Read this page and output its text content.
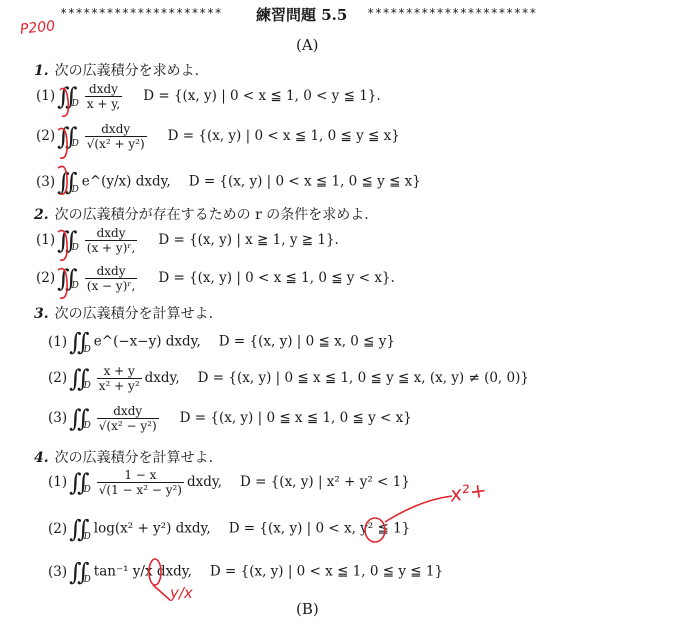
********************* 練習問題 5.5 **********************
(A)
P200
1. 次の広義積分を求めよ.
$(1)∬_D \frac{\text{dxdy}}{x + y,}$ D = {(x, y) | 0 < x ≦ 1, 0 < y ≦ 1}.
$(2)∬_D \frac{\text{dxdy}}{\text{√(x² + y²)}}$ D = {(x, y) | 0 < x ≦ 1, 0 ≦ y ≦ x}
$(3)∬_D$ e^(y/x) dxdy, D = {(x, y) | 0 < x ≦ 1, 0 ≦ y ≦ x}
2. 次の広義積分が存在するための r の条件を求めよ.
$(1)∬_D \frac{\text{dxdy}}{\text{(x + y)ʳ,}}$ D = {(x, y) | x ≧ 1, y ≧ 1}.
$(2)∬_D \frac{\text{dxdy}}{\text{(x − y)ʳ,}}$ D = {(x, y) | 0 < x ≦ 1, 0 ≦ y < x}.
3. 次の広義積分を計算せよ.
$(1)∬_D$ e^(−x−y) dxdy, D = {(x, y) | 0 ≦ x, 0 ≦ y}
$(2)∬_D \frac{x + y}{\text{x² + y²}}$ dxdy, D = {(x, y) | 0 ≦ x ≦ 1, 0 ≦ y ≦ x, (x, y) ≠ (0, 0)}
$(3)∬_D \frac{\text{dxdy}}{\text{√(x² − y²)}}$ D = {(x, y) | 0 ≦ x ≦ 1, 0 ≦ y < x}
4. 次の広義積分を計算せよ.
$(1)∬_D \frac{1 - x}{\text{√(1 − x² − y²)}}$ dxdy, D = {(x, y) | x² + y² < 1}
$(2)∬_D$ log(x² + y²) dxdy, D = {(x, y) | 0 < x, y² ≦ 1}
$(3)∬_D$ tan⁻¹ y/x dxdy, D = {(x, y) | 0 < x ≦ 1, 0 ≦ y ≦ 1}
x²+
y/x
(B)
